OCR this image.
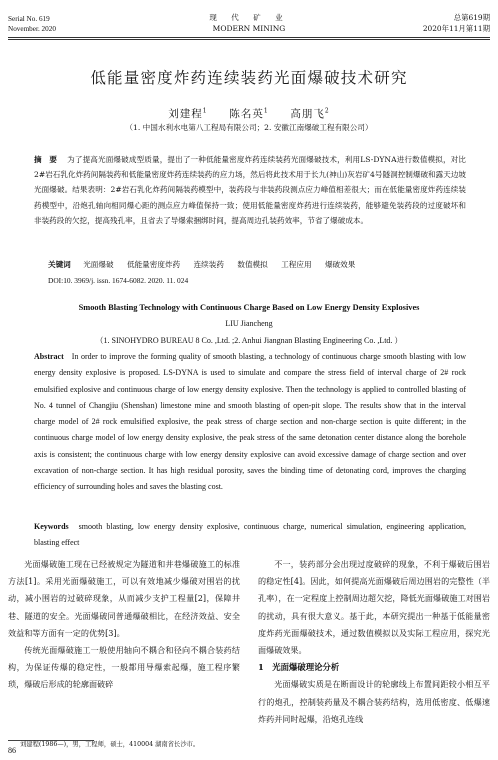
Serial No. 619
November. 2020
现 代 矿 业
MODERN MINING
总第619期
2020年11月第11期
低能量密度炸药连续装药光面爆破技术研究
刘建程$^1$ 陈名英$^1$ 高朋飞$^2$
（1. 中国水利水电第八工程局有限公司；2. 安徽江南爆破工程有限公司）
摘　要 为了提高光面爆破成型质量，提出了一种低能量密度炸药连续装药光面爆破技术，利用LS-DYNA进行数值模拟，对比2#岩石乳化炸药间隔装药和低能量密度炸药连续装药的应力场，然后将此技术用于长九(神山)灰岩矿4号隧洞控制爆破和露天边坡光面爆破。结果表明：2#岩石乳化炸药间隔装药模型中，装药段与非装药段测点应力峰值相差很大；而在低能量密度炸药连续装药模型中，沿炮孔轴向相同爆心距的测点应力峰值保持一致；使用低能量密度炸药进行连续装药，能够避免装药段的过度破坏和非装药段的欠挖，提高残孔率，且省去了导爆索捆绑时间，提高周边孔装药效率，节省了爆破成本。
关键词 光面爆破 低能量密度炸药 连续装药 数值模拟 工程应用 爆破效果
DOI:10. 3969/j. issn. 1674-6082. 2020. 11. 024
Smooth Blasting Technology with Continuous Charge Based on Low Energy Density Explosives
LIU Jiancheng
（1. SINOHYDRO BUREAU 8 Co. ,Ltd. ;2. Anhui Jiangnan Blasting Engineering Co. ,Ltd. ）
Abstract In order to improve the forming quality of smooth blasting, a technology of continuous charge smooth blasting with low energy density explosive is proposed. LS-DYNA is used to simulate and compare the stress field of interval charge of 2# rock emulsified explosive and continuous charge of low energy density explosive. Then the technology is applied to controlled blasting of No. 4 tunnel of Changjiu (Shenshan) limestone mine and smooth blasting of open-pit slope. The results show that in the interval charge model of 2# rock emulsified explosive, the peak stress of charge section and non-charge section is quite different; in the continuous charge model of low energy density explosive, the peak stress of the same detonation center distance along the borehole axis is consistent; the continuous charge with low energy density explosive can avoid excessive damage of charge section and over excavation of non-charge section. It has high residual porosity, saves the binding time of detonating cord, improves the charging efficiency of surrounding holes and saves the blasting cost.
Keywords smooth blasting, low energy density explosive, continuous charge, numerical simulation, engineering application, blasting effect

光面爆破施工现在已经被规定为隧道和井巷爆破施工的标准方法[1]。采用光面爆破施工，可以有效地减少爆破对围岩的扰动，减小围岩的过破碎现象，从而减少支护工程量[2]，保障井巷、隧道的安全。光面爆破同普通爆破相比，在经济效益、安全效益和等方面有一定的优势[3]。

传统光面爆破施工一般使用轴向不耦合和径向不耦合装药结构，为保证传爆的稳定性，一般都用导爆索起爆，施工程序繁琐，爆破后形成的轮廓面破碎

不一，装药部分会出现过度破碎的现象，不利于爆破后围岩的稳定性[4]。因此，如何提高光面爆破后周边围岩的完整性（半孔率），在一定程度上控制周边超欠挖，降低光面爆破施工对围岩的扰动，具有很大意义。基于此，本研究提出一种基于低能量密度炸药光面爆破技术，通过数值模拟以及实际工程应用，探究光面爆破效果。

1　光面爆破理论分析

光面爆破实质是在断面设计的轮廓线上布置间距较小相互平行的炮孔，控制装药量及不耦合装药结构，选用低密度、低爆速炸药并同时起爆，沿炮孔连线

刘建程(1986—)，男，工程师，硕士，410004 湖南省长沙市。
86
